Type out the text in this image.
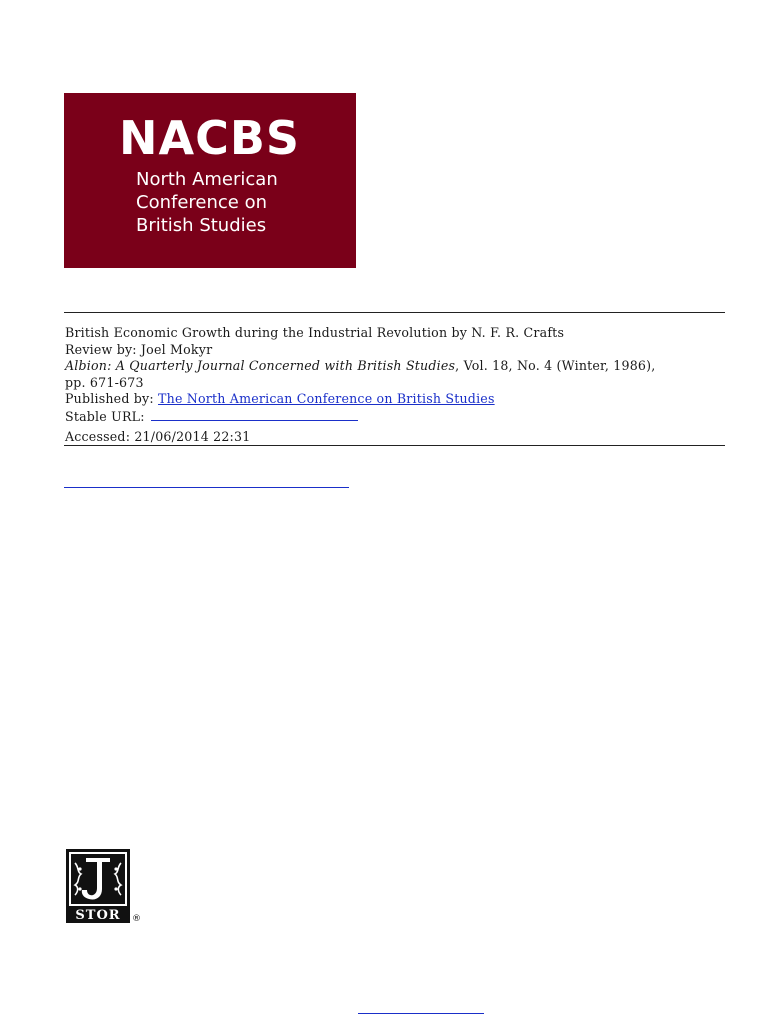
NACBS
North American
Conference on
British Studies
British Economic Growth during the Industrial Revolution by N. F. R. Crafts
Review by: Joel Mokyr
Albion: A Quarterly Journal Concerned with British Studies, Vol. 18, No. 4 (Winter, 1986),
pp. 671-673
Published by: The North American Conference on British Studies
Stable URL:
Accessed: 21/06/2014 22:31
STOR ®
